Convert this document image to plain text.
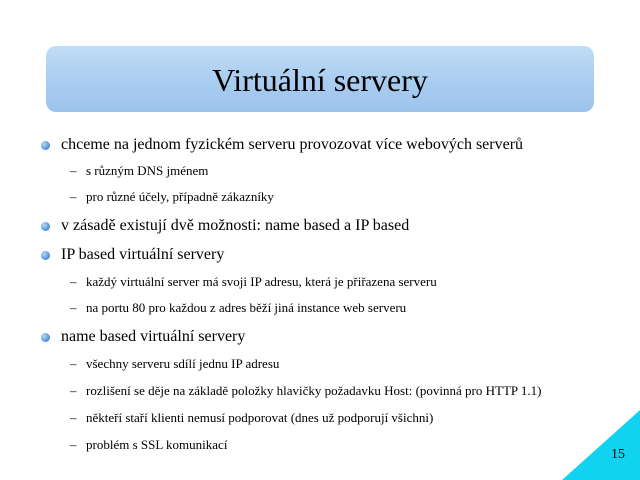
Virtuální servery
chceme na jednom fyzickém serveru provozovat více webových serverů
– s různým DNS jménem
– pro různé účely, případně zákazníky
v zásadě existují dvě možnosti: name based a IP based
IP based virtuální servery
– každý virtuální server má svoji IP adresu, která je přiřazena serveru
– na portu 80 pro každou z adres běží jiná instance web serveru
name based virtuální servery
– všechny serveru sdílí jednu IP adresu
– rozlišení se děje na základě položky hlavičky požadavku Host: (povinná pro HTTP 1.1)
– někteří staří klienti nemusí podporovat (dnes už podporují všichni)
– problém s SSL komunikací
15
